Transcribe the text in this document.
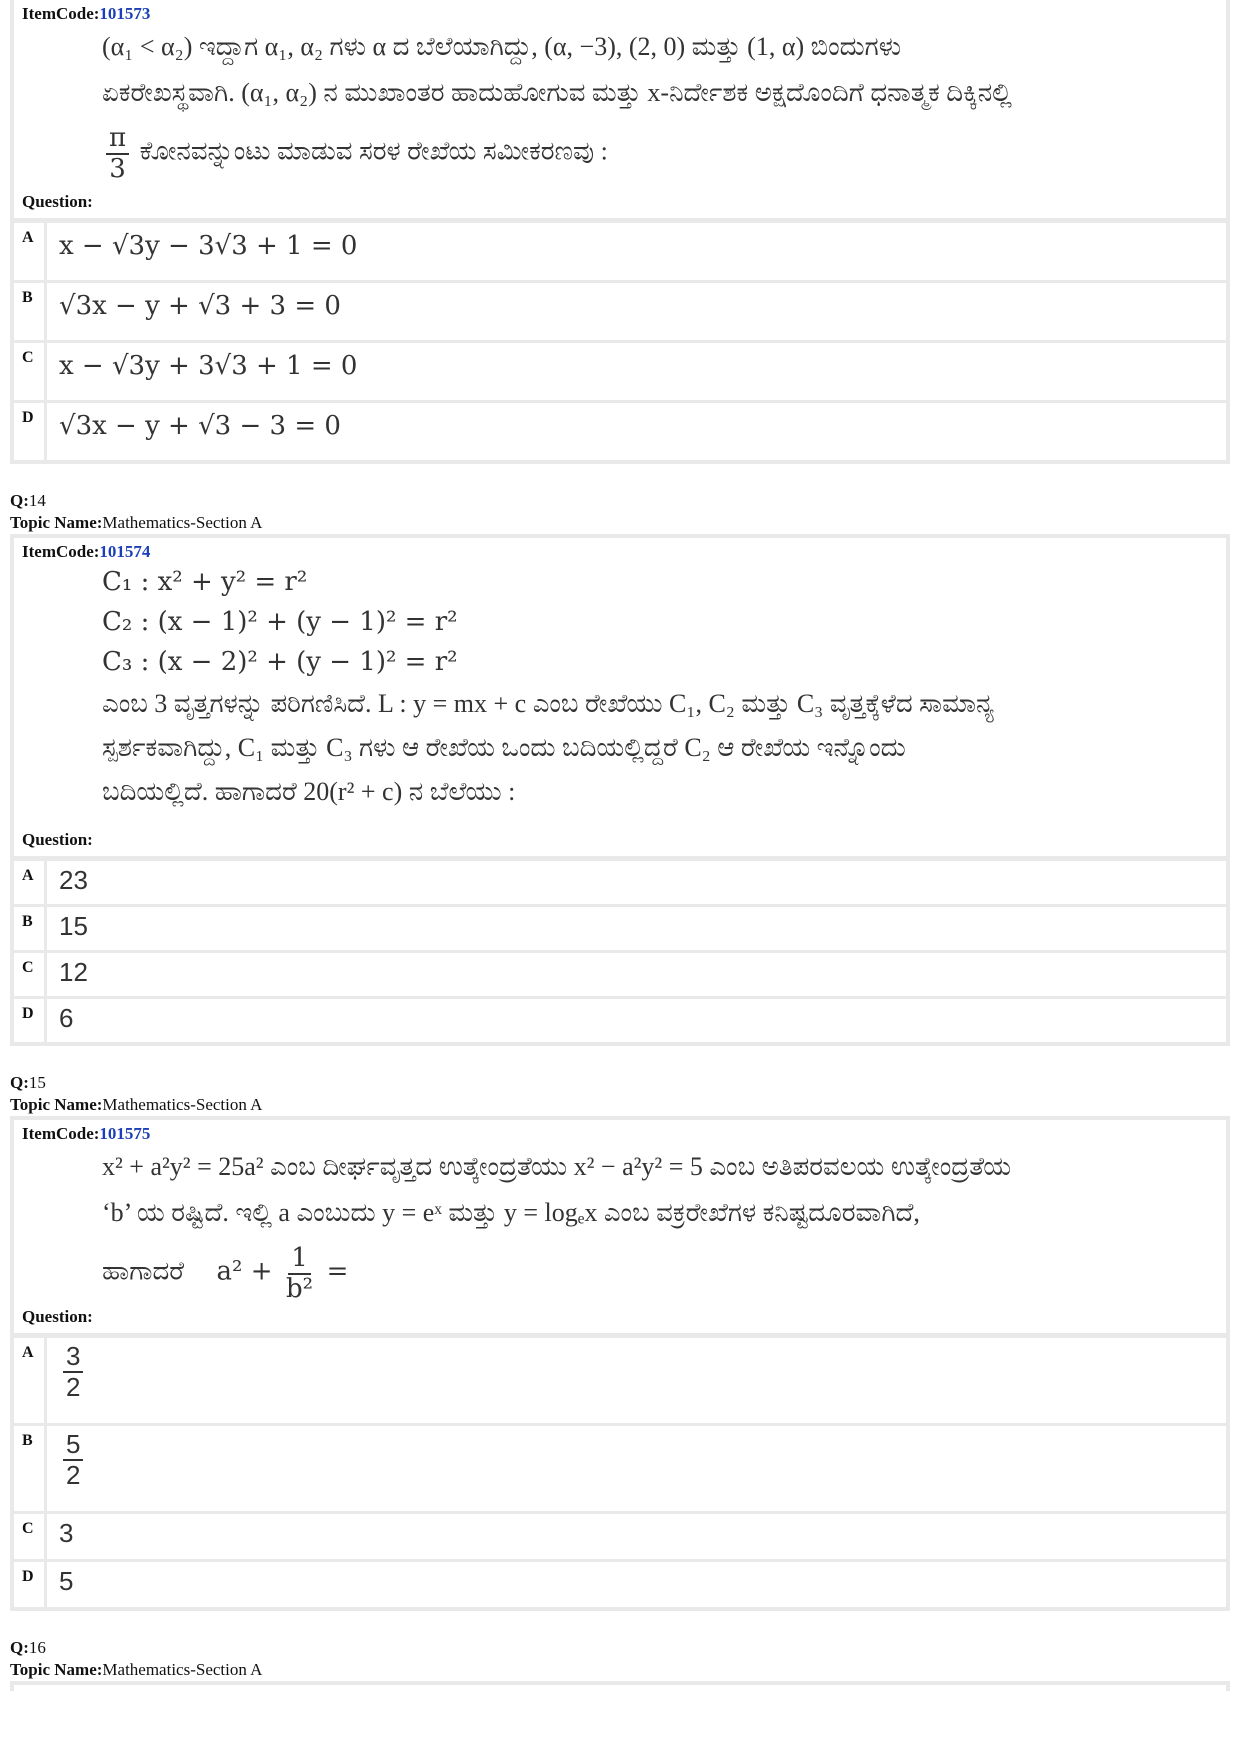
ItemCode:101573
(α₁ < α₂) ಇದ್ದಾಗ α₁, α₂ ಗಳು α ದ ಬೆಲೆಯಾಗಿದ್ದು, (α, −3), (2, 0) ಮತ್ತು (1, α) ಬಿಂದುಗಳು
ಏಕರೇಖಸ್ಥವಾಗಿ. (α₁, α₂) ನ ಮುಖಾಂತರ ಹಾದುಹೋಗುವ ಮತ್ತು x-ನಿರ್ದೇಶಕ ಅಕ್ಷದೊಂದಿಗೆ ಧನಾತ್ಮಕ ದಿಕ್ಕಿನಲ್ಲಿ
$\frac{\pi}{3}$ ಕೋನವನ್ನುಂಟು ಮಾಡುವ ಸರಳ ರೇಖೆಯ ಸಮೀಕರಣವು :
Question:
A x − √3y − 3√3 + 1 = 0
B	√3x − y + √3 + 3 = 0
C x − √3y + 3√3 + 1 = 0
D √3x − y + √3 − 3 = 0
Q:14
Topic Name:Mathematics-Section A
ItemCode:101574
C₁ : x² + y² = r²
C₂ : (x − 1)² + (y − 1)² = r²
C₃ : (x − 2)² + (y − 1)² = r²
ಎಂಬ 3 ವೃತ್ತಗಳನ್ನು ಪರಿಗಣಿಸಿದೆ. L : y = mx + c ಎಂಬ ರೇಖೆಯು C₁, C₂ ಮತ್ತು C₃ ವೃತ್ತಕ್ಕೆಳೆದ ಸಾಮಾನ್ಯ
ಸ್ಪರ್ಶಕವಾಗಿದ್ದು, C₁ ಮತ್ತು C₃ ಗಳು ಆ ರೇಖೆಯ ಒಂದು ಬದಿಯಲ್ಲಿದ್ದರೆ C₂ ಆ ರೇಖೆಯ ಇನ್ನೊಂದು
ಬದಿಯಲ್ಲಿದೆ. ಹಾಗಾದರೆ 20(r² + c) ನ ಬೆಲೆಯು :
Question:
A 23
B	15
C 12
D 6
Q:15
Topic Name:Mathematics-Section A
ItemCode:101575
x² + a²y² = 25a² ಎಂಬ ದೀರ್ಘವೃತ್ತದ ಉತ್ಕೇಂದ್ರತೆಯು x² − a²y² = 5 ಎಂಬ ಅತಿಪರವಲಯ ಉತ್ಕೇಂದ್ರತೆಯ
‘b’ ಯ ರಷ್ಟಿದೆ. ಇಲ್ಲಿ a ಎಂಬುದು y = eˣ ಮತ್ತು y = logₑx ಎಂಬ ವಕ್ರರೇಖೆಗಳ ಕನಿಷ್ಟದೂರವಾಗಿದೆ,
ಹಾಗಾದರೆ $a^2 + \frac{1}{\text{b²}}$ =
Question:
A	$\frac{3}{2}$
B	$\frac{5}{2}$
C 3
D 5
Q:16
Topic Name:Mathematics-Section A
